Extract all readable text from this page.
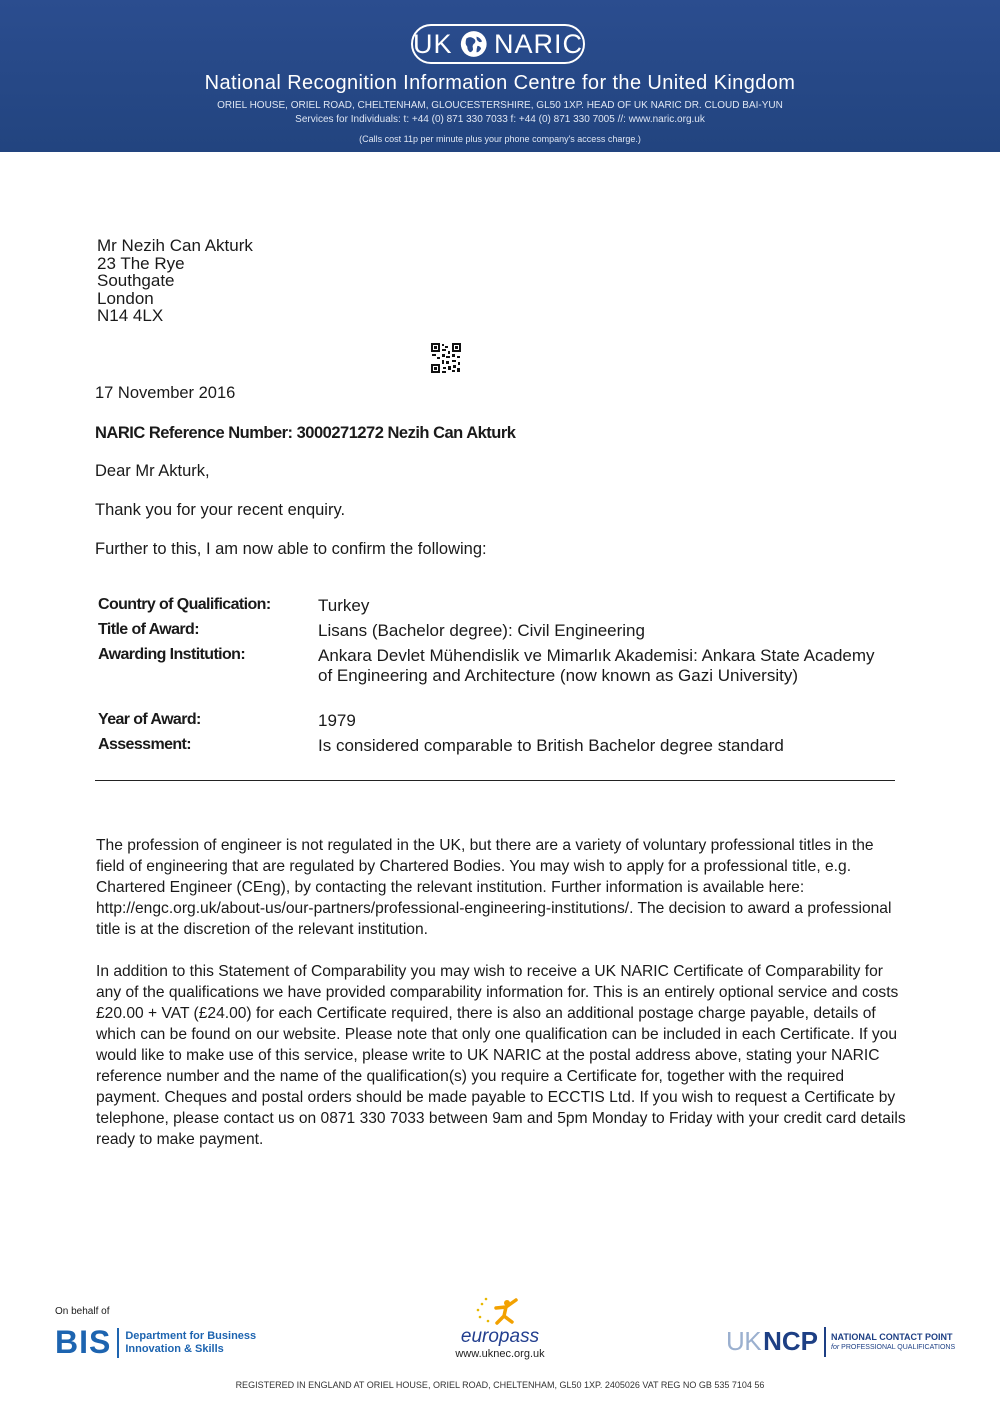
UK NARIC
National Recognition Information Centre for the United Kingdom
ORIEL HOUSE, ORIEL ROAD, CHELTENHAM, GLOUCESTERSHIRE, GL50 1XP. HEAD OF UK NARIC DR. CLOUD BAI-YUN
Services for Individuals: t: +44 (0) 871 330 7033 f: +44 (0) 871 330 7005 //: www.naric.org.uk
(Calls cost 11p per minute plus your phone company's access charge.)
Mr Nezih Can Akturk
23 The Rye
Southgate
London
N14 4LX
17 November 2016
NARIC Reference Number: 3000271272 Nezih Can Akturk
Dear Mr Akturk,
Thank you for your recent enquiry.
Further to this, I am now able to confirm the following:
Country of Qualification:	Turkey
Title of Award:	Lisans (Bachelor degree): Civil Engineering
Awarding Institution:	Ankara Devlet Mühendislik ve Mimarlık Akademisi: Ankara State Academy of Engineering and Architecture (now known as Gazi University)
Year of Award:	1979
Assessment:	Is considered comparable to British Bachelor degree standard
The profession of engineer is not regulated in the UK, but there are a variety of voluntary professional titles in the field of engineering that are regulated by Chartered Bodies. You may wish to apply for a professional title, e.g. Chartered Engineer (CEng), by contacting the relevant institution. Further information is available here: http://engc.org.uk/about-us/our-partners/professional-engineering-institutions/. The decision to award a professional title is at the discretion of the relevant institution.
In addition to this Statement of Comparability you may wish to receive a UK NARIC Certificate of Comparability for any of the qualifications we have provided comparability information for. This is an entirely optional service and costs £20.00 + VAT (£24.00) for each Certificate required, there is also an additional postage charge payable, details of which can be found on our website. Please note that only one qualification can be included in each Certificate. If you would like to make use of this service, please write to UK NARIC at the postal address above, stating your NARIC reference number and the name of the qualification(s) you require a Certificate for, together with the required payment. Cheques and postal orders should be made payable to ECCTIS Ltd. If you wish to request a Certificate by telephone, please contact us on 0871 330 7033 between 9am and 5pm Monday to Friday with your credit card details ready to make payment.
On behalf of
BIS Department for Business
Innovation & Skills
europass
www.uknec.org.uk	UK NCP NATIONAL CONTACT POINT
for PROFESSIONAL QUALIFICATIONS
REGISTERED IN ENGLAND AT ORIEL HOUSE, ORIEL ROAD, CHELTENHAM, GL50 1XP. 2405026 VAT REG NO GB 535 7104 56
